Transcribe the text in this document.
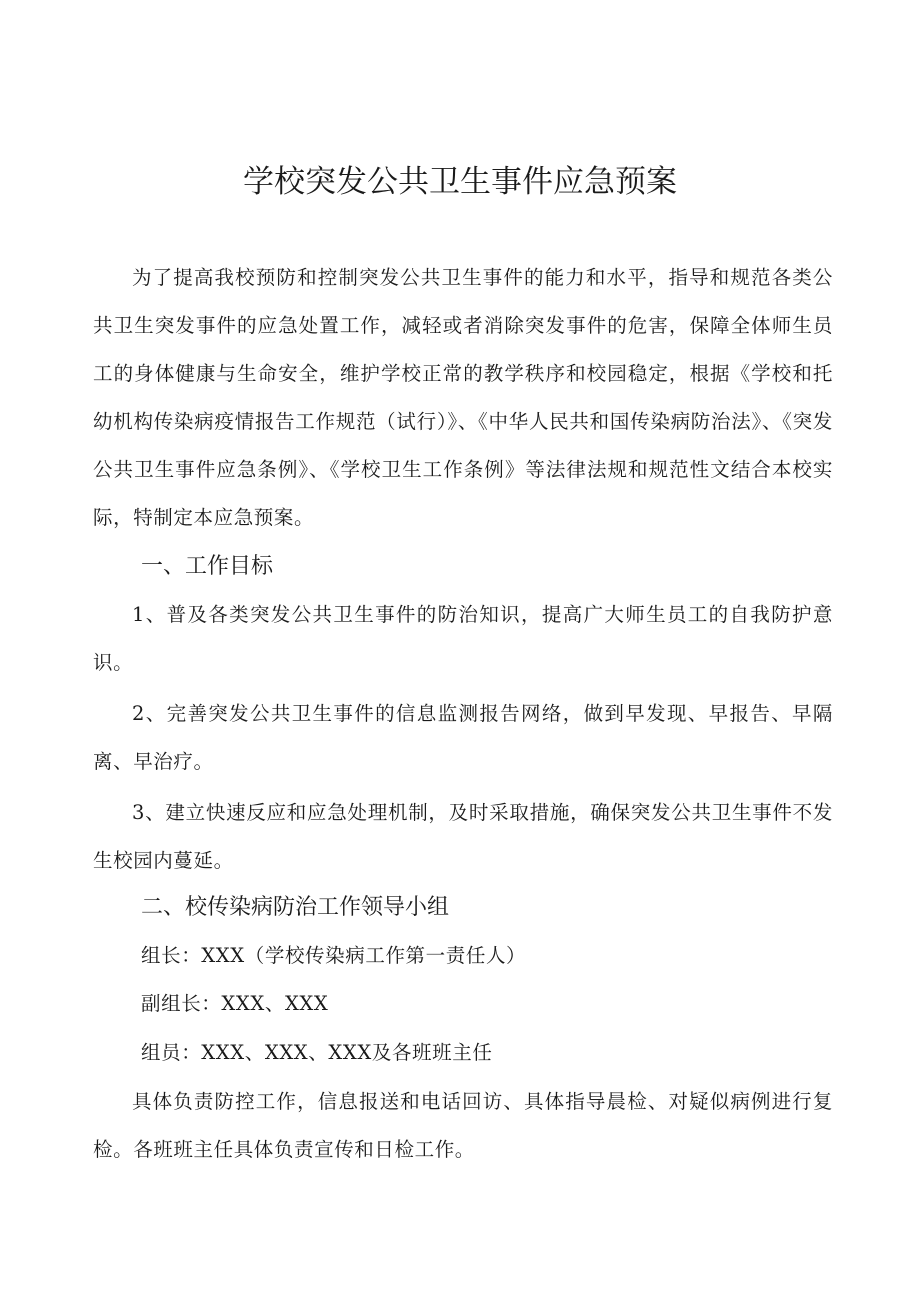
学校突发公共卫生事件应急预案

为了提高我校预防和控制突发公共卫生事件的能力和水平，指导和规范各类公共卫生突发事件的应急处置工作，减轻或者消除突发事件的危害，保障全体师生员工的身体健康与生命安全，维护学校正常的教学秩序和校园稳定，根据《学校和托幼机构传染病疫情报告工作规范（试行）》、《中华人民共和国传染病防治法》、《突发公共卫生事件应急条例》、《学校卫生工作条例》等法律法规和规范性文结合本校实际，特制定本应急预案。

一、工作目标

1、普及各类突发公共卫生事件的防治知识，提高广大师生员工的自我防护意识。

2、完善突发公共卫生事件的信息监测报告网络，做到早发现、早报告、早隔离、早治疗。

3、建立快速反应和应急处理机制，及时采取措施，确保突发公共卫生事件不发生校园内蔓延。

二、校传染病防治工作领导小组

组长：XXX（学校传染病工作第一责任人）

副组长：XXX、XXX

组员：XXX、XXX、XXX及各班班主任

具体负责防控工作，信息报送和电话回访、具体指导晨检、对疑似病例进行复检。各班班主任具体负责宣传和日检工作。
